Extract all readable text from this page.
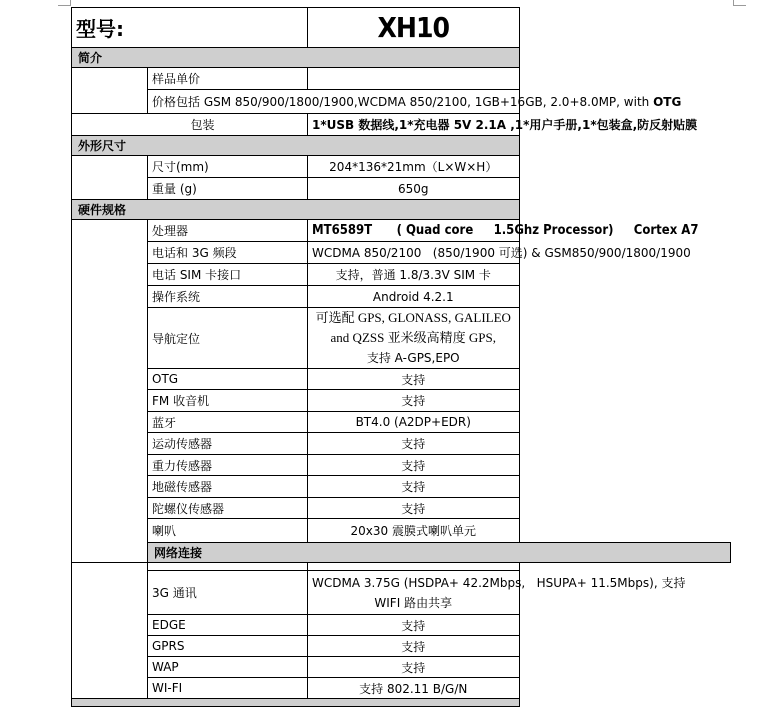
型号:		XH10
简介		
	样品单价	
	价格包括 GSM 850/900/1800/1900,WCDMA 850/2100, 1GB+16GB, 2.0+8.0MP, with OTG	
包装		1*USB 数据线,1*充电器 5V 2.1A ,1*用户手册,1*包装盒,防反射贴膜
外形尺寸		
	尺寸(mm)	204*136*21mm（L×W×H）
	重量 (g)	650g
硬件规格		
	处理器	MT6589T      ( Quad core     1.5Ghz Processor)     Cortex A7
	电话和 3G 频段	WCDMA 850/2100   (850/1900 可选) & GSM850/900/1800/1900
	电话 SIM 卡接口	支持，普通 1.8/3.3V SIM 卡
	操作系统	Android 4.2.1
	导航定位	可选配 GPS, GLONASS, GALILEO and QZSS 亚米级高精度 GPS,
支持 A-GPS,EPO

	OTG	支持
	FM 收音机	支持
	蓝牙	BT4.0 (A2DP+EDR)
	运动传感器	支持
	重力传感器	支持
	地磁传感器	支持
	陀螺仪传感器	支持
	喇叭	20x30 震膜式喇叭单元
	网络连接	

	3G 通讯	WCDMA 3.75G (HSDPA+ 42.2Mbps,   HSUPA+ 11.5Mbps), 支持
WIFI 路由共享

	EDGE	支持
	GPRS	支持
	WAP	支持
	WI-FI	支持 802.11 B/G/N
